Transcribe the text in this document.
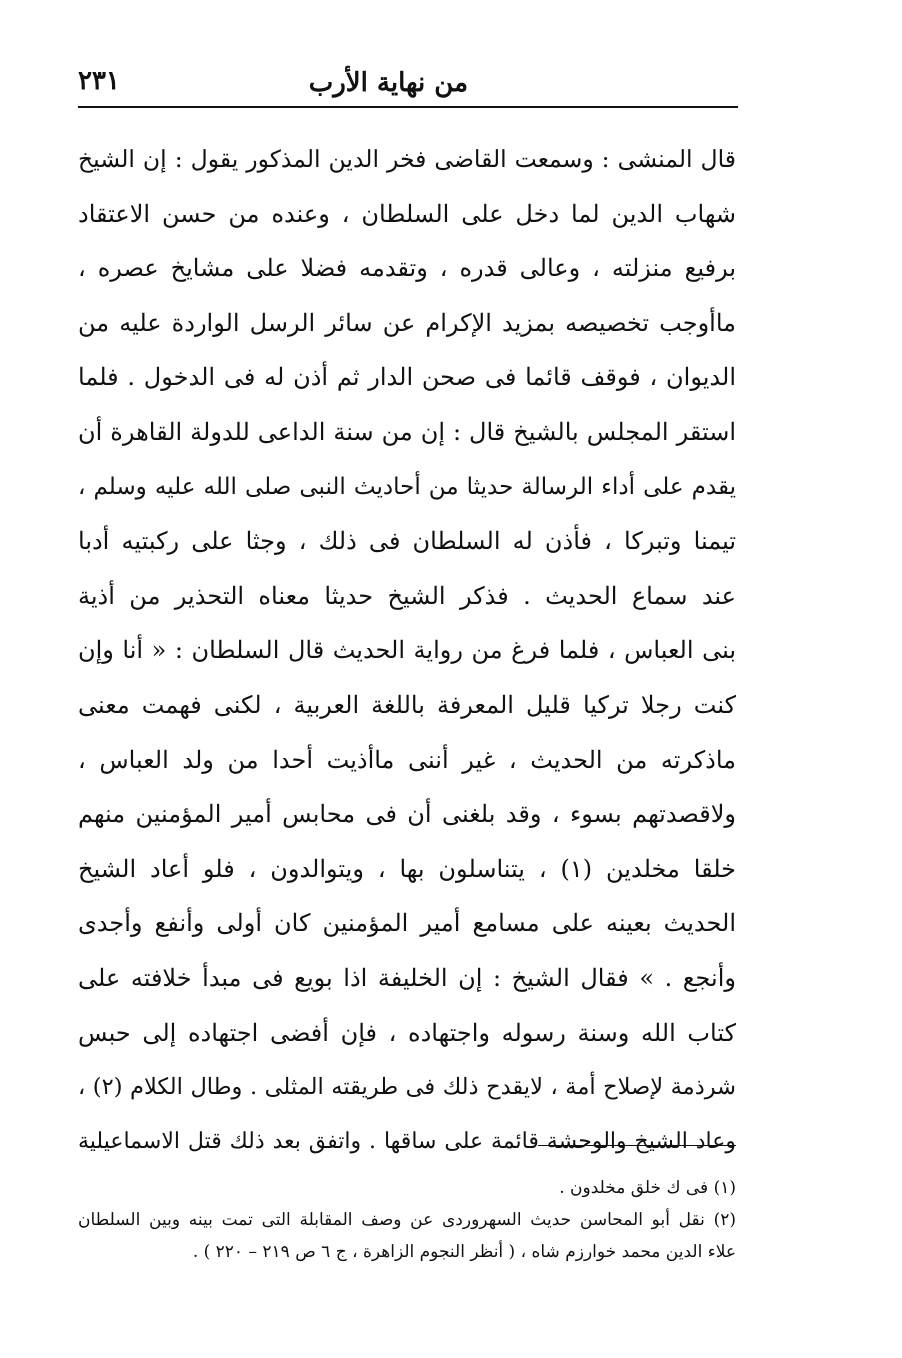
من نهاية الأرب
٢٣١
قال المنشى : وسمعت القاضى فخر الدين المذكور يقول : إن الشيخ
شهاب الدين لما دخل على السلطان ، وعنده من حسن الاعتقاد
برفيع منزلته ، وعالى قدره ، وتقدمه فضلا على مشايخ عصره ،
ماأوجب تخصيصه بمزيد الإكرام عن سائر الرسل الواردة عليه من
الديوان ، فوقف قائما فى صحن الدار ثم أذن له فى الدخول . فلما
استقر المجلس بالشيخ قال : إن من سنة الداعى للدولة القاهرة أن
يقدم على أداء الرسالة حديثا من أحاديث النبى صلى الله عليه وسلم ،
تيمنا وتبركا ، فأذن له السلطان فى ذلك ، وجثا على ركبتيه أدبا
عند سماع الحديث . فذكر الشيخ حديثا معناه التحذير من أذية
بنى العباس ، فلما فرغ من رواية الحديث قال السلطان : « أنا وإن
كنت رجلا تركيا قليل المعرفة باللغة العربية ، لكنى فهمت معنى
ماذكرته من الحديث ، غير أننى ماأذيت أحدا من ولد العباس ،
ولاقصدتهم بسوء ، وقد بلغنى أن فى محابس أمير المؤمنين منهم
خلقا مخلدين (١) ، يتناسلون بها ، ويتوالدون ، فلو أعاد الشيخ
الحديث بعينه على مسامع أمير المؤمنين كان أولى وأنفع وأجدى
وأنجع . » فقال الشيخ : إن الخليفة اذا بويع فى مبدأ خلافته على
كتاب الله وسنة رسوله واجتهاده ، فإن أفضى اجتهاده إلى حبس
شرذمة لإصلاح أمة ، لايقدح ذلك فى طريقته المثلى . وطال الكلام (٢) ،
وعاد الشيخ والوحشة قائمة على ساقها . واتفق بعد ذلك قتل الاسماعيلية
(١) فى ك خلق مخلدون .
(٢) نقل أبو المحاسن حديث السهروردى عن وصف المقابلة التى تمت بينه وبين السلطان
علاء الدين محمد خوارزم شاه ، ( أنظر النجوم الزاهرة ، ج ٦ ص ٢١٩ – ٢٢٠ ) .
